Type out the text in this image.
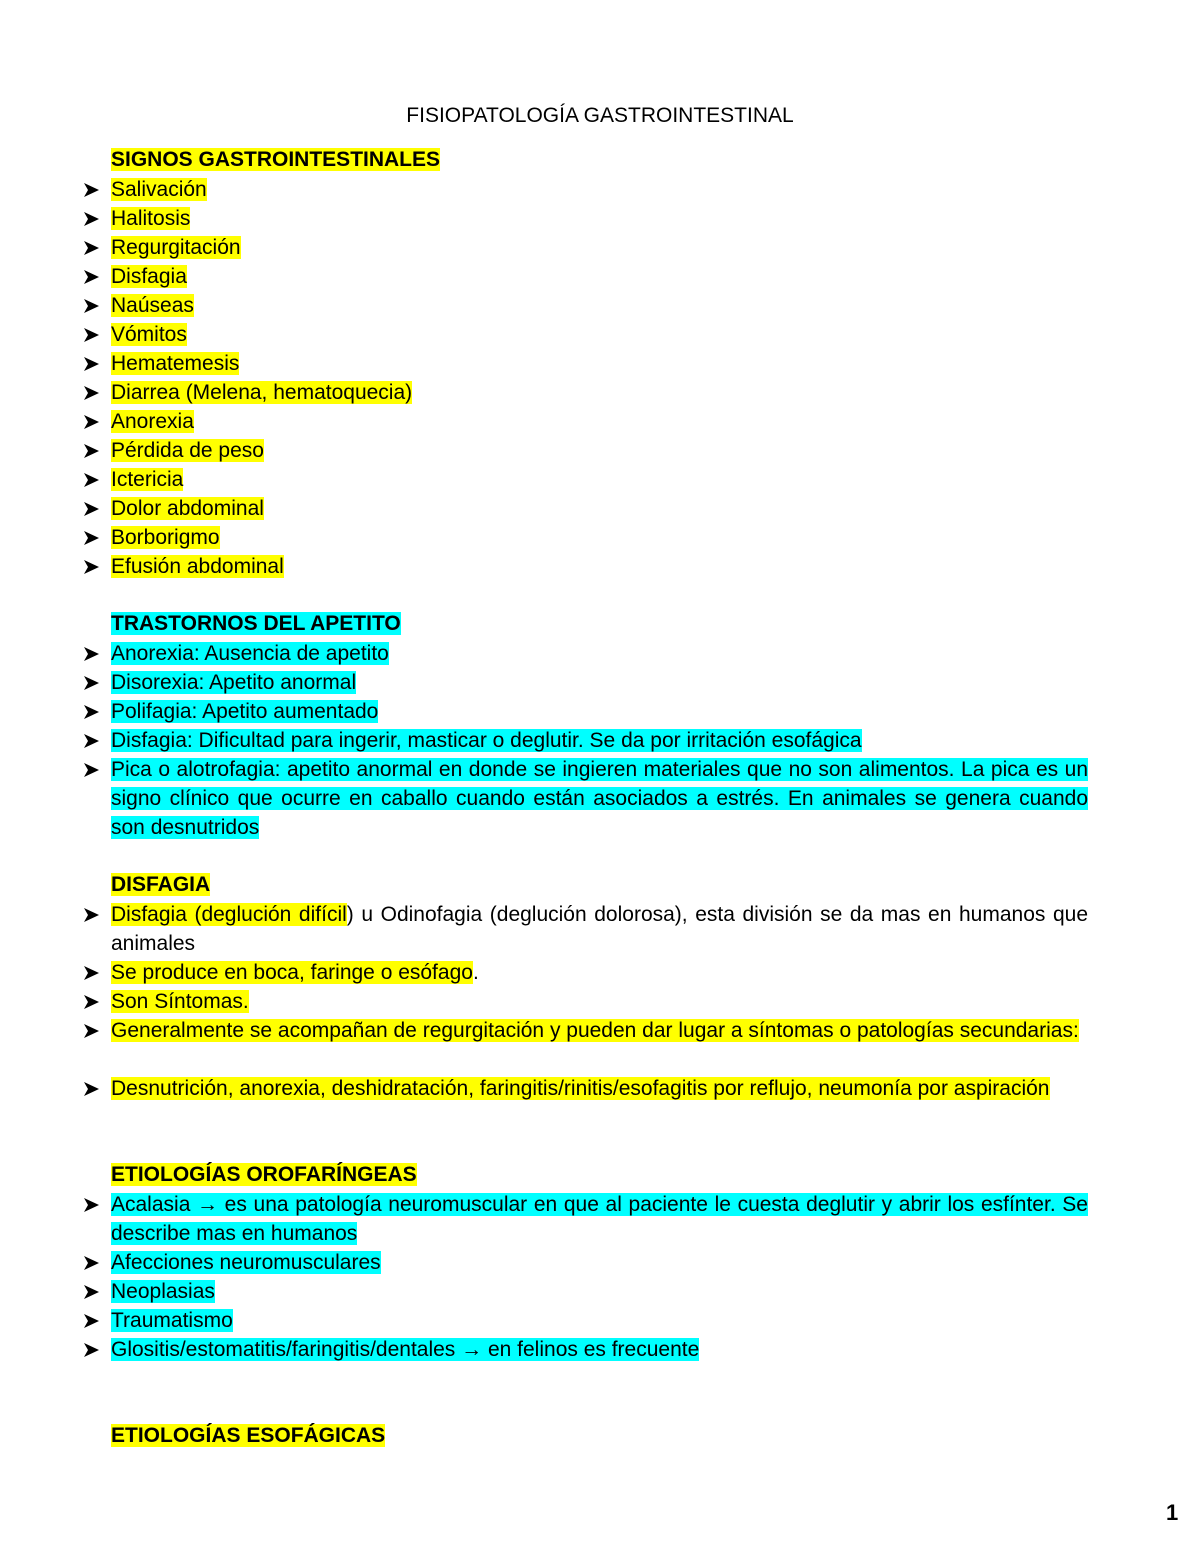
FISIOPATOLOGÍA GASTROINTESTINAL
SIGNOS GASTROINTESTINALES
Salivación
Halitosis
Regurgitación
Disfagia
Naúseas
Vómitos
Hematemesis
Diarrea (Melena, hematoquecia)
Anorexia
Pérdida de peso
Ictericia
Dolor abdominal
Borborigmo
Efusión abdominal
TRASTORNOS DEL APETITO
Anorexia: Ausencia de apetito
Disorexia: Apetito anormal
Polifagia: Apetito aumentado
Disfagia: Dificultad para ingerir, masticar o deglutir. Se da por irritación esofágica
Pica o alotrofagia: apetito anormal en donde se ingieren materiales que no son alimentos. La pica es un signo clínico que ocurre en caballo cuando están asociados a estrés. En animales se genera cuando son desnutridos
DISFAGIA
Disfagia (deglución difícil) u Odinofagia (deglución dolorosa), esta división se da mas en humanos que animales
Se produce en boca, faringe o esófago.
Son Síntomas.
Generalmente se acompañan de regurgitación y pueden dar lugar a síntomas o patologías secundarias:
Desnutrición, anorexia, deshidratación, faringitis/rinitis/esofagitis por reflujo, neumonía por aspiración
ETIOLOGÍAS OROFARÍNGEAS
Acalasia → es una patología neuromuscular en que al paciente le cuesta deglutir y abrir los esfínter. Se describe mas en humanos
Afecciones neuromusculares
Neoplasias
Traumatismo
Glositis/estomatitis/faringitis/dentales → en felinos es frecuente
ETIOLOGÍAS ESOFÁGICAS
1
